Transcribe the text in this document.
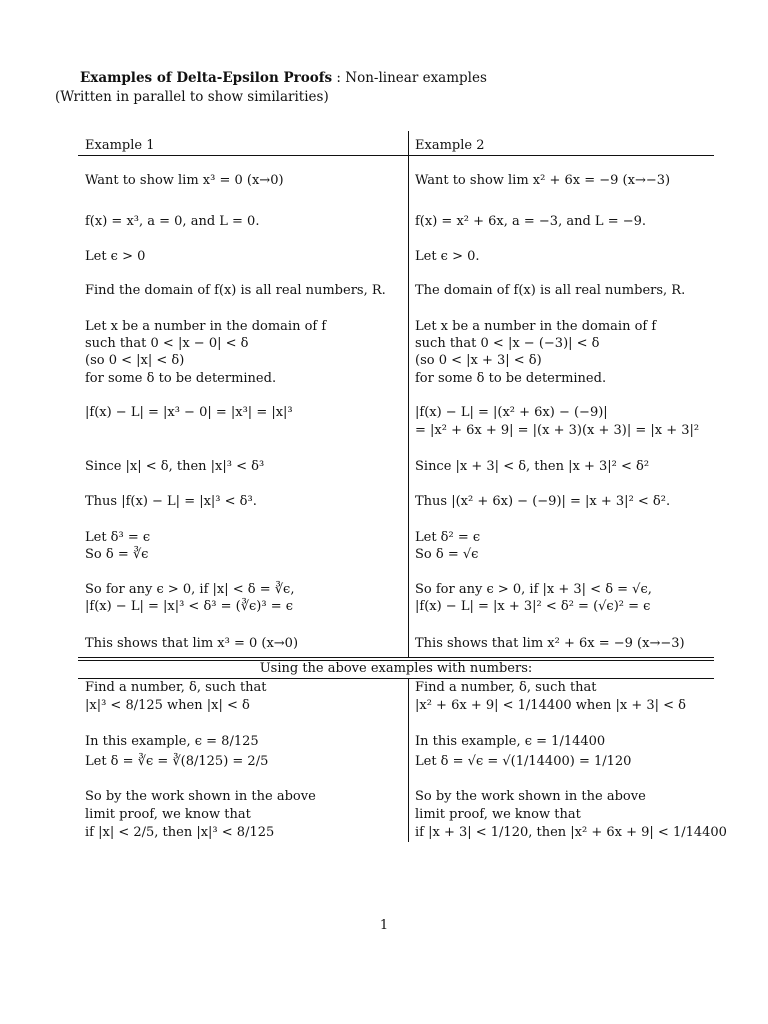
Examples of Delta-Epsilon Proofs : Non-linear examples
(Written in parallel to show similarities)
Example 1	Example 2
Want to show lim x³ = 0 (x→0)
f(x) = x³, a = 0, and L = 0.
Let ϵ > 0
Find the domain of f(x) is all real numbers, R.
Let x be a number in the domain of f
such that 0 < |x − 0| < δ
(so 0 < |x| < δ)
for some δ to be determined.
|f(x) − L| = |x³ − 0| = |x³| = |x|³
Since |x| < δ, then |x|³ < δ³
Thus |f(x) − L| = |x|³ < δ³.
Let δ³ = ϵ
So δ = ∛ϵ
So for any ϵ > 0, if |x| < δ = ∛ϵ,
|f(x) − L| = |x|³ < δ³ = (∛ϵ)³ = ϵ
This shows that lim x³ = 0 (x→0)
Want to show lim x² + 6x = −9 (x→−3)
f(x) = x² + 6x, a = −3, and L = −9.
Let ϵ > 0.
The domain of f(x) is all real numbers, R.
Let x be a number in the domain of f
such that 0 < |x − (−3)| < δ
(so 0 < |x + 3| < δ)
for some δ to be determined.
|f(x) − L| = |(x² + 6x) − (−9)|
= |x² + 6x + 9| = |(x + 3)(x + 3)| = |x + 3|²
Since |x + 3| < δ, then |x + 3|² < δ²
Thus |(x² + 6x) − (−9)| = |x + 3|² < δ².
Let δ² = ϵ
So δ = √ϵ
So for any ϵ > 0, if |x + 3| < δ = √ϵ,
|f(x) − L| = |x + 3|² < δ² = (√ϵ)² = ϵ
This shows that lim x² + 6x = −9 (x→−3)
Using the above examples with numbers:
Find a number, δ, such that
|x|³ < 8/125 when |x| < δ
In this example, ϵ = 8/125
Let δ = ∛ϵ = ∛(8/125) = 2/5
So by the work shown in the above
limit proof, we know that
if |x| < 2/5, then |x|³ < 8/125
Find a number, δ, such that
|x² + 6x + 9| < 1/14400 when |x + 3| < δ
In this example, ϵ = 1/14400
Let δ = √ϵ = √(1/14400) = 1/120
So by the work shown in the above
limit proof, we know that
if |x + 3| < 1/120, then |x² + 6x + 9| < 1/14400
1
